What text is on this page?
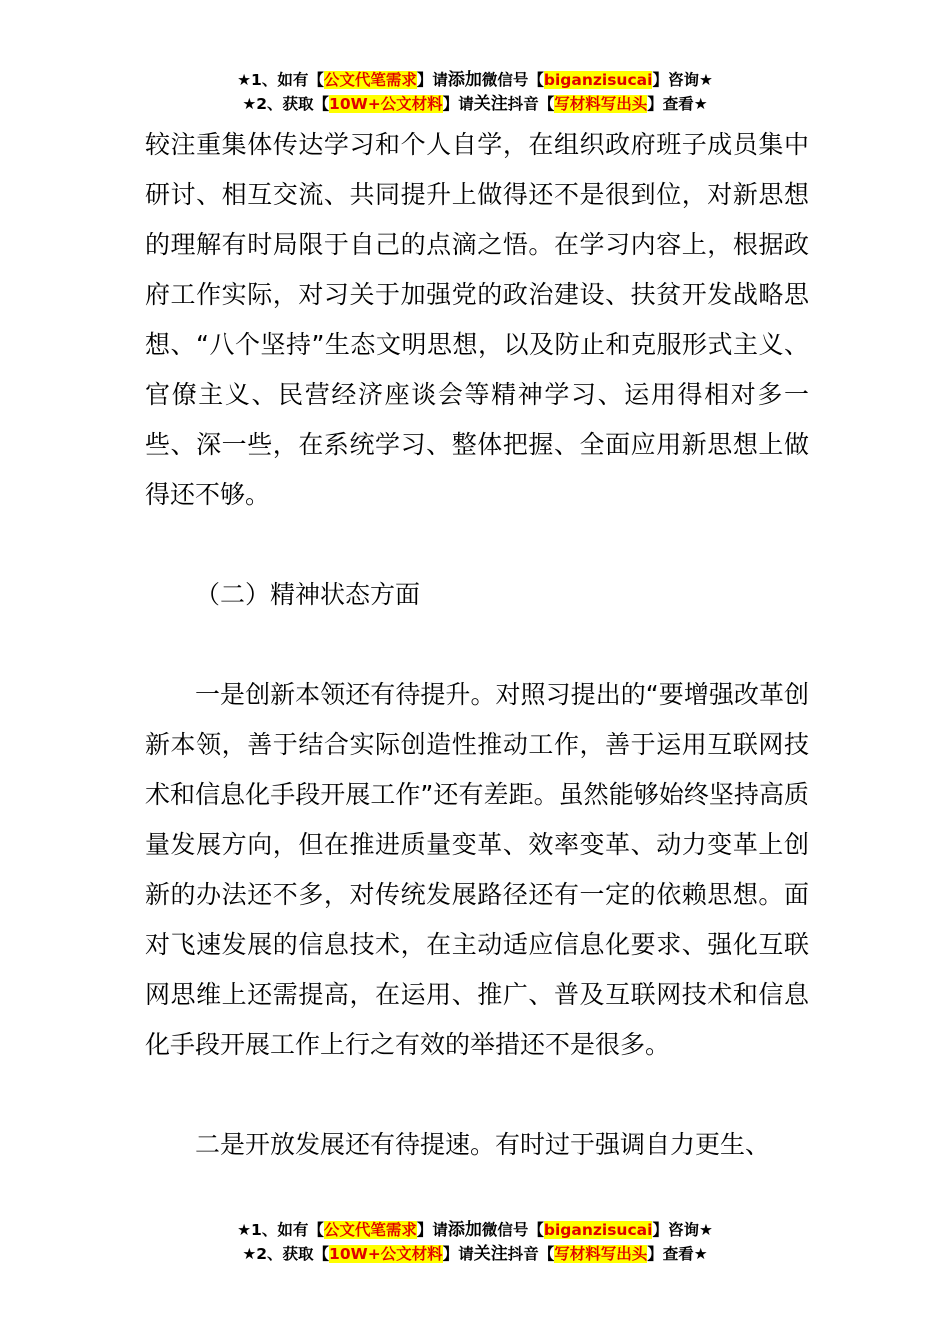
★1、如有【公文代笔需求】请添加微信号【biganzisucai】咨询★
★2、获取【10W+公文材料】请关注抖音【写材料写出头】查看★

较注重集体传达学习和个人自学，在组织政府班子成员集中研讨、相互交流、共同提升上做得还不是很到位，对新思想的理解有时局限于自己的点滴之悟。在学习内容上，根据政府工作实际，对习关于加强党的政治建设、扶贫开发战略思想、“八个坚持”生态文明思想，以及防止和克服形式主义、官僚主义、民营经济座谈会等精神学习、运用得相对多一些、深一些，在系统学习、整体把握、全面应用新思想上做得还不够。

（二）精神状态方面

一是创新本领还有待提升。对照习提出的“要增强改革创新本领，善于结合实际创造性推动工作，善于运用互联网技术和信息化手段开展工作”还有差距。虽然能够始终坚持高质量发展方向，但在推进质量变革、效率变革、动力变革上创新的办法还不多，对传统发展路径还有一定的依赖思想。面对飞速发展的信息技术，在主动适应信息化要求、强化互联网思维上还需提高，在运用、推广、普及互联网技术和信息化手段开展工作上行之有效的举措还不是很多。

二是开放发展还有待提速。有时过于强调自力更生、

★1、如有【公文代笔需求】请添加微信号【biganzisucai】咨询★
★2、获取【10W+公文材料】请关注抖音【写材料写出头】查看★
